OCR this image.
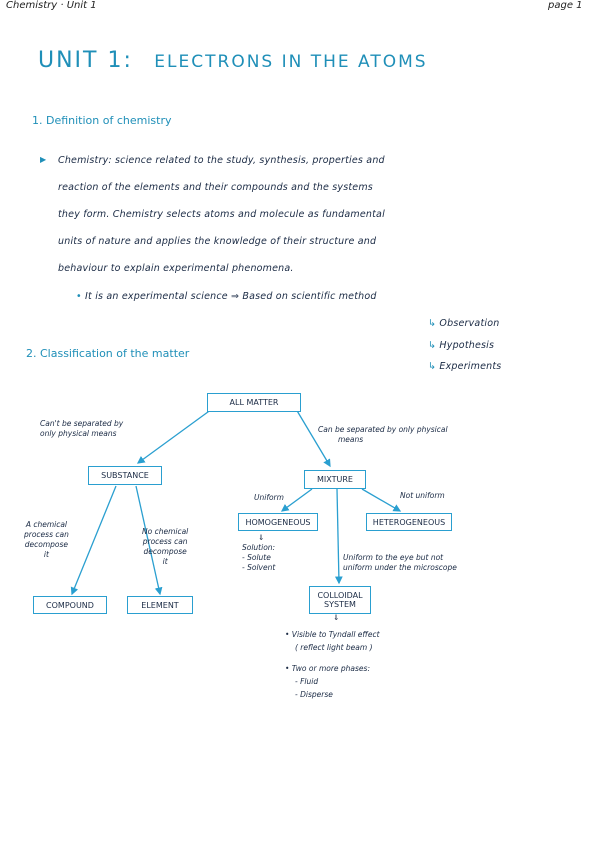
Chemistry · Unit 1	page 1
UNIT 1: ELECTRONS IN THE ATOMS
1. Definition of chemistry
▶ Chemistry: science related to the study, synthesis, properties and
reaction of the elements and their compounds and the systems
they form. Chemistry selects atoms and molecule as fundamental
units of nature and applies the knowledge of their structure and
behaviour to explain experimental phenomena.
• It is an experimental science ⇒ Based on scientific method
↳ Observation
↳ Hypothesis
↳ Experiments
2. Classification of the matter
ALL MATTER
Can't be separated by
only physical means	Can be separated by only physical
means
SUBSTANCE	MIXTURE
A chemical
process can
decompose
it
No chemical
process can
decompose
it
COMPOUND	ELEMENT
Uniform	Not uniform
HOMOGENEOUS	HETEROGENEOUS
⇓
Solution:
- Solute
- Solvent
Uniform to the eye but not
uniform under the microscope
COLLOIDAL
SYSTEM
⇓
• Visible to Tyndall effect
( reflect light beam )
• Two or more phases:
- Fluid
- Disperse
